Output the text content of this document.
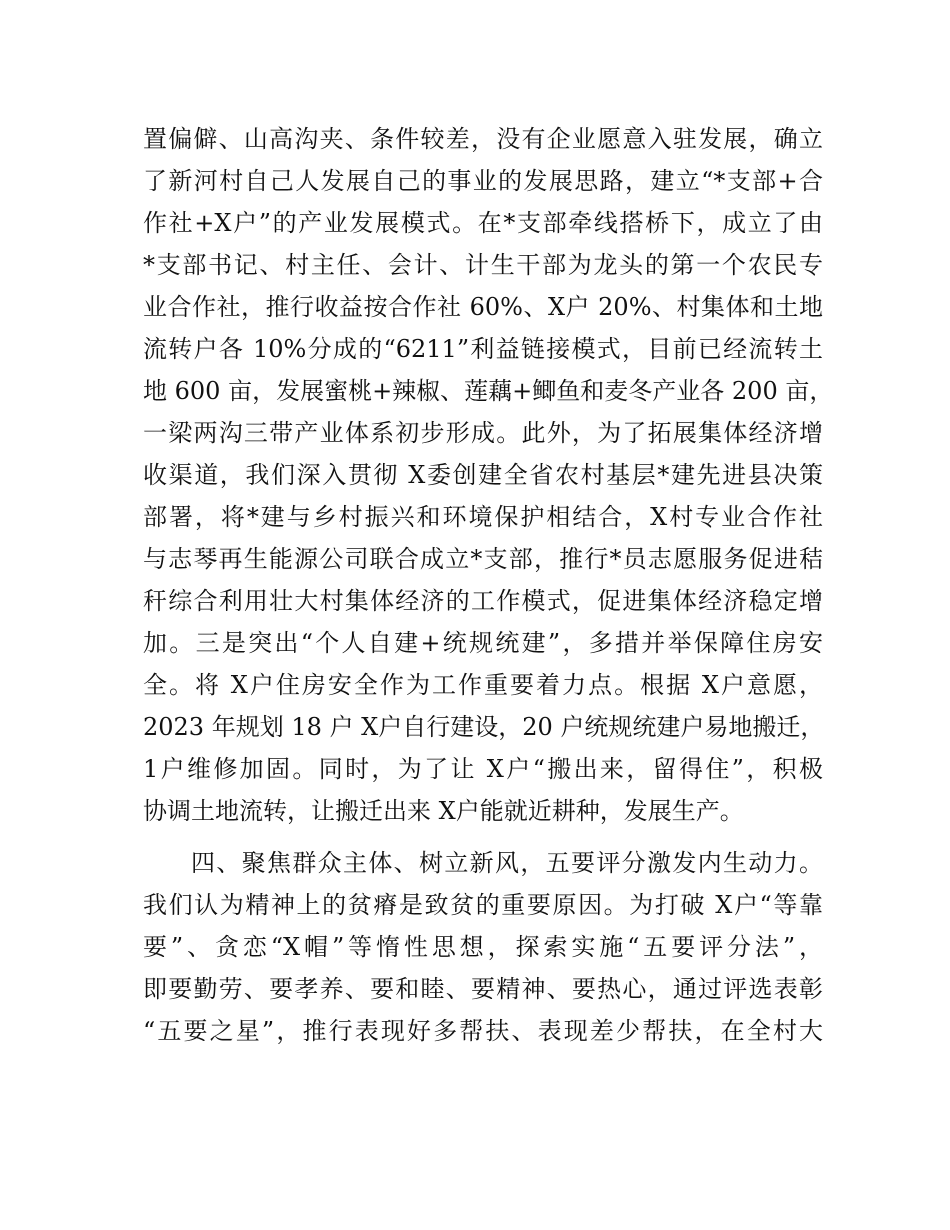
置偏僻、山高沟夹、条件较差，没有企业愿意入驻发展，确立
了新河村自己人发展自己的事业的发展思路，建立“*支部+合
作社+X户”的产业发展模式。在*支部牵线搭桥下，成立了由
*支部书记、村主任、会计、计生干部为龙头的第一个农民专
业合作社，推行收益按合作社 60%、X户 20%、村集体和土地
流转户各 10%分成的“6211”利益链接模式，目前已经流转土
地 600 亩，发展蜜桃+辣椒、莲藕+鲫鱼和麦冬产业各 200 亩，
一梁两沟三带产业体系初步形成。此外，为了拓展集体经济增
收渠道，我们深入贯彻 X委创建全省农村基层*建先进县决策
部署，将*建与乡村振兴和环境保护相结合，X村专业合作社
与志琴再生能源公司联合成立*支部，推行*员志愿服务促进秸
秆综合利用壮大村集体经济的工作模式，促进集体经济稳定增
加。三是突出“个人自建+统规统建”，多措并举保障住房安
全。将 X户住房安全作为工作重要着力点。根据 X户意愿，
2023 年规划 18 户 X户自行建设，20 户统规统建户易地搬迁，
1户维修加固。同时，为了让 X户“搬出来，留得住”，积极
协调土地流转，让搬迁出来 X户能就近耕种，发展生产。
四、聚焦群众主体、树立新风，五要评分激发内生动力。
我们认为精神上的贫瘠是致贫的重要原因。为打破 X户“等靠
要”、贪恋“X帽”等惰性思想，探索实施“五要评分法”，
即要勤劳、要孝养、要和睦、要精神、要热心，通过评选表彰
“五要之星”，推行表现好多帮扶、表现差少帮扶，在全村大
